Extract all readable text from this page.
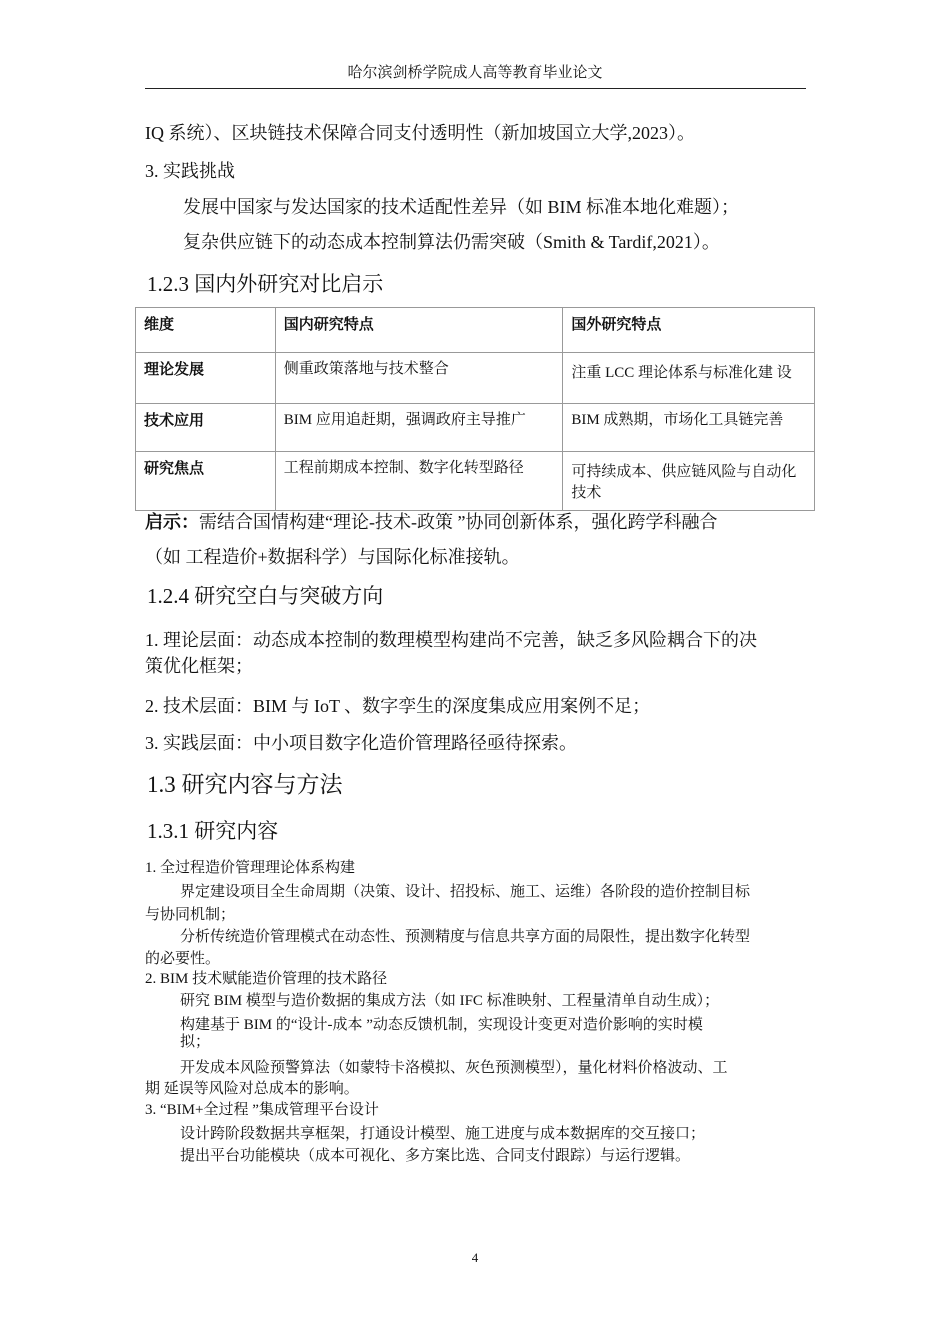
哈尔滨剑桥学院成人高等教育毕业论文
IQ 系统）、区块链技术保障合同支付透明性（新加坡国立大学,2023）。
3. 实践挑战
发展中国家与发达国家的技术适配性差异（如 BIM 标准本地化难题）；
复杂供应链下的动态成本控制算法仍需突破（Smith & Tardif,2021）。
1.2.3 国内外研究对比启示
维度	国内研究特点	国外研究特点
理论发展	侧重政策落地与技术整合	注重 LCC 理论体系与标准化建 设
技术应用	BIM 应用追赶期，强调政府主导推广	BIM 成熟期，市场化工具链完善
研究焦点	工程前期成本控制、数字化转型路径	可持续成本、供应链风险与自动化技术
启示：需结合国情构建“理论-技术-政策 ”协同创新体系，强化跨学科融合
（如 工程造价+数据科学）与国际化标准接轨。
1.2.4 研究空白与突破方向
1. 理论层面：动态成本控制的数理模型构建尚不完善，缺乏多风险耦合下的决
策优化框架；
2. 技术层面：BIM 与 IoT 、数字孪生的深度集成应用案例不足；
3. 实践层面：中小项目数字化造价管理路径亟待探索。
1.3 研究内容与方法
1.3.1 研究内容
1. 全过程造价管理理论体系构建
界定建设项目全生命周期（决策、设计、招投标、施工、运维）各阶段的造价控制目标
与协同机制；
分析传统造价管理模式在动态性、预测精度与信息共享方面的局限性，提出数字化转型
的必要性。
2. BIM 技术赋能造价管理的技术路径
研究 BIM 模型与造价数据的集成方法（如 IFC 标准映射、工程量清单自动生成）；
构建基于 BIM 的“设计-成本 ”动态反馈机制，实现设计变更对造价影响的实时模
拟；
开发成本风险预警算法（如蒙特卡洛模拟、灰色预测模型），量化材料价格波动、工
期 延误等风险对总成本的影响。
3. “BIM+全过程 ”集成管理平台设计
设计跨阶段数据共享框架，打通设计模型、施工进度与成本数据库的交互接口；
提出平台功能模块（成本可视化、多方案比选、合同支付跟踪）与运行逻辑。
4
